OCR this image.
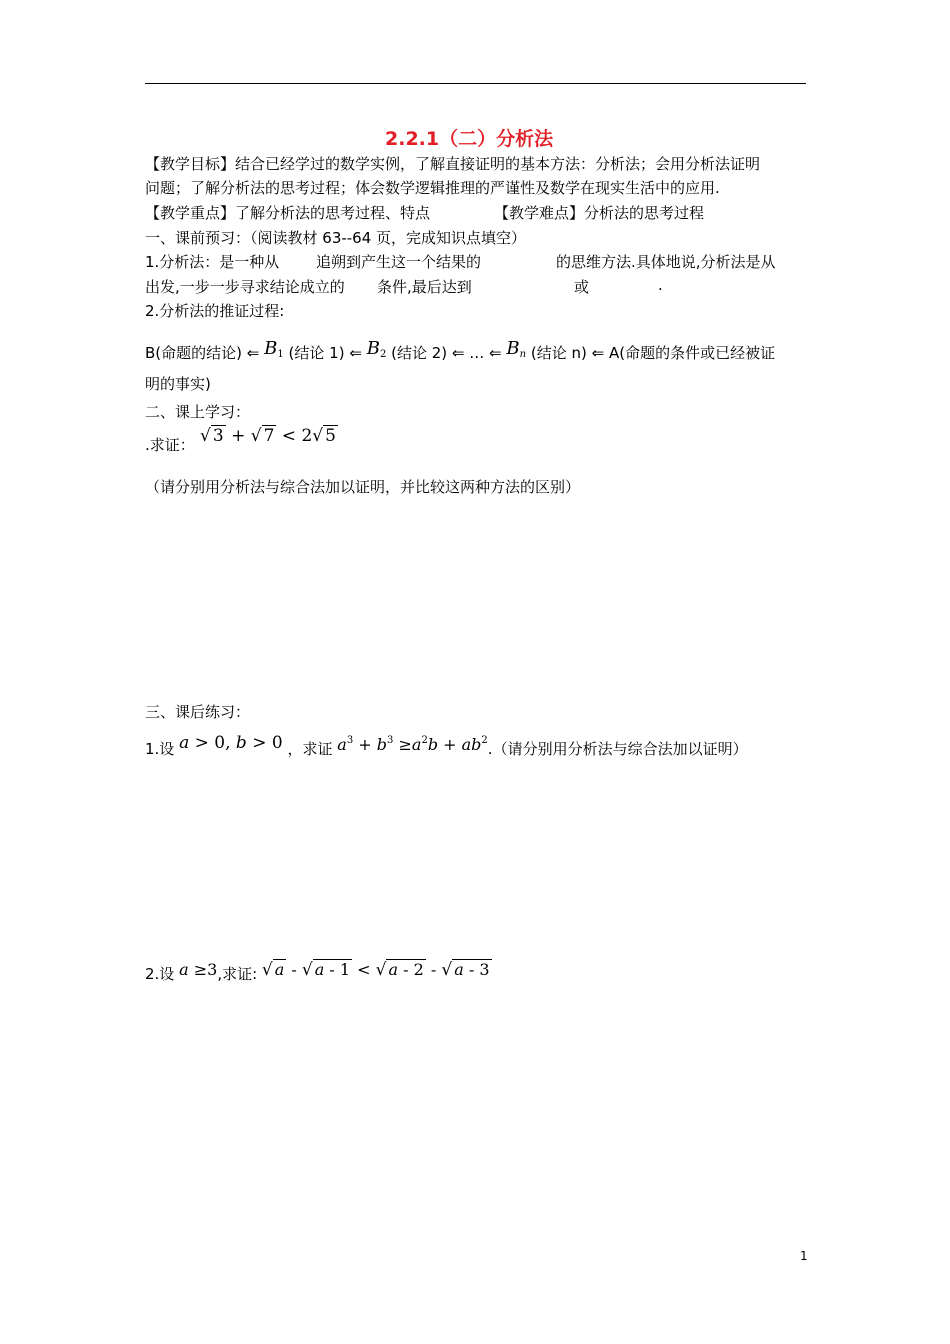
2.2.1（二）分析法
【教学目标】结合已经学过的数学实例，了解直接证明的基本方法：分析法；会用分析法证明
问题；了解分析法的思考过程；体会数学逻辑推理的严谨性及数学在现实生活中的应用.
【教学重点】了解分析法的思考过程、特点	【教学难点】分析法的思考过程
一、课前预习：（阅读教材 63--64 页，完成知识点填空）
1.分析法：是一种从 追朔到产生这一个结果的	的思维方法.具体地说,分析法是从
出发,一步一步寻求结论成立的 条件,最后达到	或	.
2.分析法的推证过程:
B(命题的结论) ⇐ $B_1$ (结论 1) ⇐ $B_2$ (结论 2) ⇐ … ⇐ $B_n$ (结论 n) ⇐ A(命题的条件或已经被证
明的事实)
二、课上学习：
.求证： √ 3 + √ 7 < 2√ 5
（请分别用分析法与综合法加以证明，并比较这两种方法的区别）
三、课后练习：
1.设 a > 0, b > 0 ，求证 $a^3 + b^3 \ge a^2b + ab^2$.（请分别用分析法与综合法加以证明）
2.设 a ≥3,求证: √ a - √ a - 1 < √ a - 2 - √ a - 3
1
